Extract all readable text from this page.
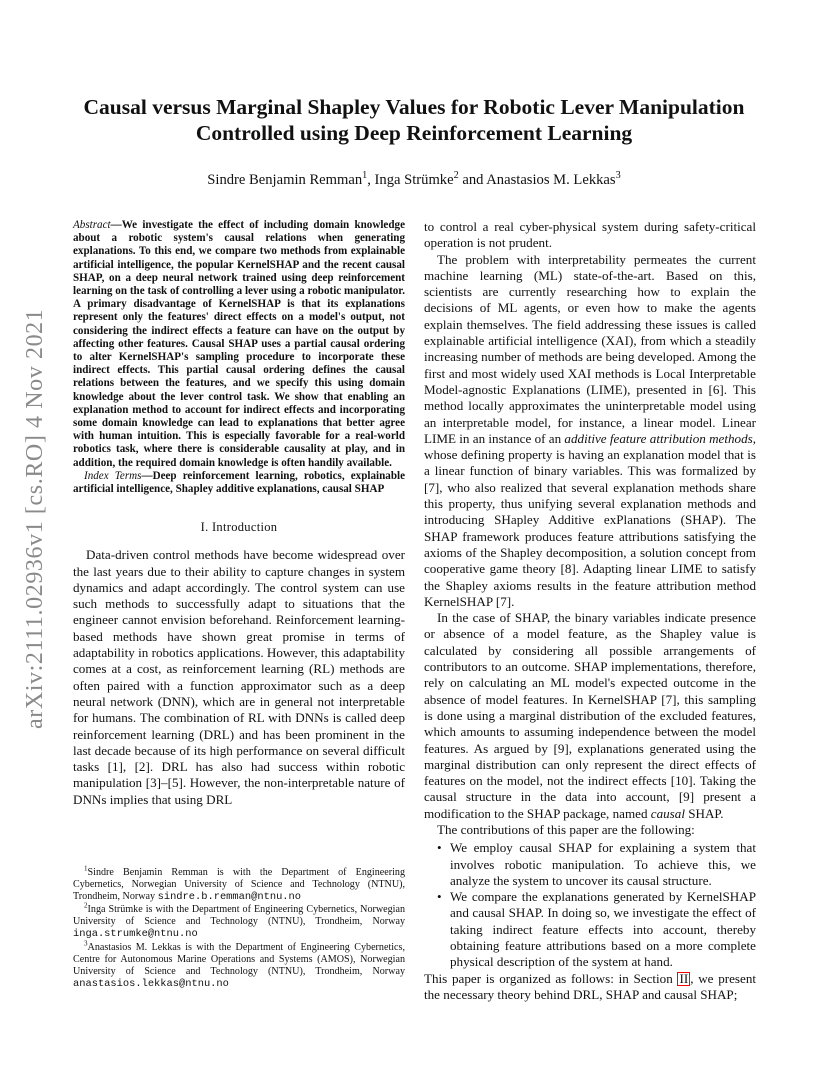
arXiv:2111.02936v1 [cs.RO] 4 Nov 2021
Causal versus Marginal Shapley Values for Robotic Lever Manipulation Controlled using Deep Reinforcement Learning
Sindre Benjamin Remman$^1$, Inga Strümke$^2$ and Anastasios M. Lekkas$^3$

Abstract—We investigate the effect of including domain knowledge about a robotic system's causal relations when generating explanations. To this end, we compare two methods from explainable artificial intelligence, the popular KernelSHAP and the recent causal SHAP, on a deep neural network trained using deep reinforcement learning on the task of controlling a lever using a robotic manipulator. A primary disadvantage of KernelSHAP is that its explanations represent only the features' direct effects on a model's output, not considering the indirect effects a feature can have on the output by affecting other features. Causal SHAP uses a partial causal ordering to alter KernelSHAP's sampling procedure to incorporate these indirect effects. This partial causal ordering defines the causal relations between the features, and we specify this using domain knowledge about the lever control task. We show that enabling an explanation method to account for indirect effects and incorporating some domain knowledge can lead to explanations that better agree with human intuition. This is especially favorable for a real-world robotics task, where there is considerable causality at play, and in addition, the required domain knowledge is often handily available.

Index Terms—Deep reinforcement learning, robotics, explainable artificial intelligence, Shapley additive explanations, causal SHAP

I. Introduction

Data-driven control methods have become widespread over the last years due to their ability to capture changes in system dynamics and adapt accordingly. The control system can use such methods to successfully adapt to situations that the engineer cannot envision beforehand. Reinforcement learning-based methods have shown great promise in terms of adaptability in robotics applications. However, this adaptability comes at a cost, as reinforcement learning (RL) methods are often paired with a function approximator such as a deep neural network (DNN), which are in general not interpretable for humans. The combination of RL with DNNs is called deep reinforcement learning (DRL) and has been prominent in the last decade because of its high performance on several difficult tasks [1], [2]. DRL has also had success within robotic manipulation [3]–[5]. However, the non-interpretable nature of DNNs implies that using DRL

$^1$Sindre Benjamin Remman is with the Department of Engineering Cybernetics, Norwegian University of Science and Technology (NTNU), Trondheim, Norway sindre.b.remman@ntnu.no

$^2$Inga Strümke is with the Department of Engineering Cybernetics, Norwegian University of Science and Technology (NTNU), Trondheim, Norway inga.strumke@ntnu.no

$^3$Anastasios M. Lekkas is with the Department of Engineering Cybernetics, Centre for Autonomous Marine Operations and Systems (AMOS), Norwegian University of Science and Technology (NTNU), Trondheim, Norway anastasios.lekkas@ntnu.no

to control a real cyber-physical system during safety-critical operation is not prudent.

The problem with interpretability permeates the current machine learning (ML) state-of-the-art. Based on this, scientists are currently researching how to explain the decisions of ML agents, or even how to make the agents explain themselves. The field addressing these issues is called explainable artificial intelligence (XAI), from which a steadily increasing number of methods are being developed. Among the first and most widely used XAI methods is Local Interpretable Model-agnostic Explanations (LIME), presented in [6]. This method locally approximates the uninterpretable model using an interpretable model, for instance, a linear model. Linear LIME in an instance of an additive feature attribution methods, whose defining property is having an explanation model that is a linear function of binary variables. This was formalized by [7], who also realized that several explanation methods share this property, thus unifying several explanation methods and introducing SHapley Additive exPlanations (SHAP). The SHAP framework produces feature attributions satisfying the axioms of the Shapley decomposition, a solution concept from cooperative game theory [8]. Adapting linear LIME to satisfy the Shapley axioms results in the feature attribution method KernelSHAP [7].

In the case of SHAP, the binary variables indicate presence or absence of a model feature, as the Shapley value is calculated by considering all possible arrangements of contributors to an outcome. SHAP implementations, therefore, rely on calculating an ML model's expected outcome in the absence of model features. In KernelSHAP [7], this sampling is done using a marginal distribution of the excluded features, which amounts to assuming independence between the model features. As argued by [9], explanations generated using the marginal distribution can only represent the direct effects of features on the model, not the indirect effects [10]. Taking the causal structure in the data into account, [9] present a modification to the SHAP package, named causal SHAP.

The contributions of this paper are the following:

• We employ causal SHAP for explaining a system that involves robotic manipulation. To achieve this, we analyze the system to uncover its causal structure.
• We compare the explanations generated by KernelSHAP and causal SHAP. In doing so, we investigate the effect of taking indirect feature effects into account, thereby obtaining feature attributions based on a more complete physical description of the system at hand.

This paper is organized as follows: in Section II , we present the necessary theory behind DRL, SHAP and causal SHAP;
